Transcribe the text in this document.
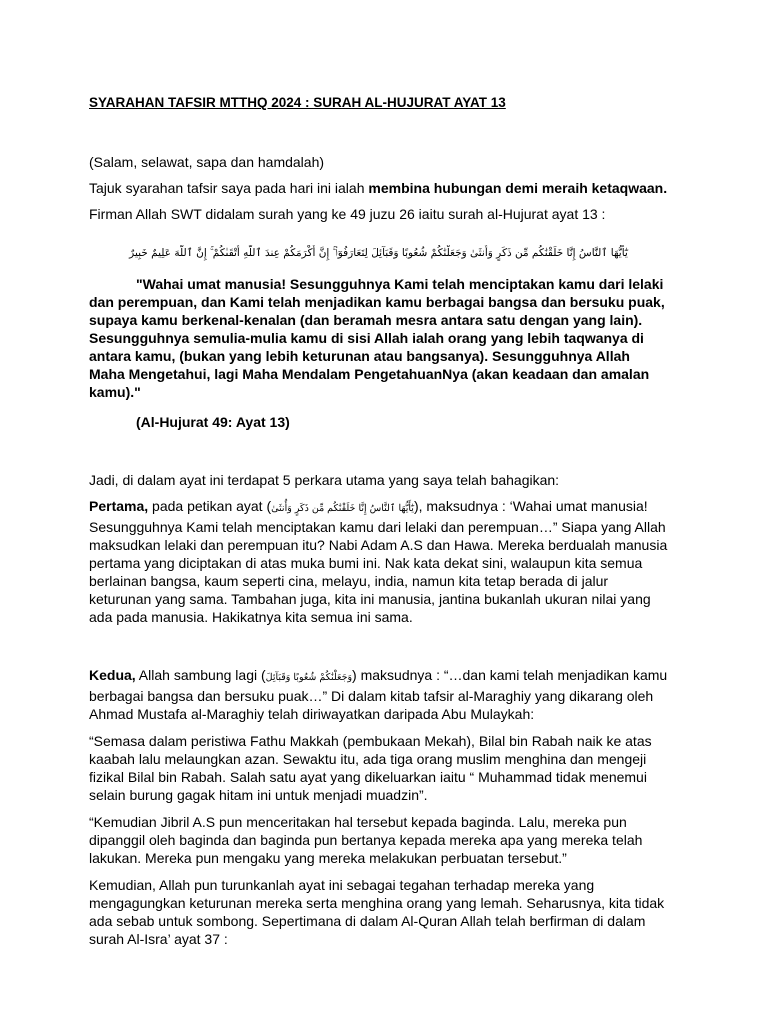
SYARAHAN TAFSIR MTTHQ 2024 : SURAH AL-HUJURAT AYAT 13

(Salam, selawat, sapa dan hamdalah)

Tajuk syarahan tafsir saya pada hari ini ialah membina hubungan demi meraih ketaqwaan.

Firman Allah SWT didalam surah yang ke 49 juzu 26 iaitu surah al-Hujurat ayat 13 :

يَٰٓأَيُّهَا ٱلنَّاسُ إِنَّا خَلَقْنَٰكُم مِّن ذَكَرٍ وَأُنثَىٰ وَجَعَلْنَٰكُمْ شُعُوبًا وَقَبَآئِلَ لِتَعَارَفُوٓا۟ ۚ إِنَّ أَكْرَمَكُمْ عِندَ ٱللَّهِ أَتْقَىٰكُمْ ۚ إِنَّ ٱللَّهَ عَلِيمٌ خَبِيرٌ

"Wahai umat manusia! Sesungguhnya Kami telah menciptakan kamu dari lelaki dan perempuan, dan Kami telah menjadikan kamu berbagai bangsa dan bersuku puak, supaya kamu berkenal-kenalan (dan beramah mesra antara satu dengan yang lain). Sesungguhnya semulia-mulia kamu di sisi Allah ialah orang yang lebih taqwanya di antara kamu, (bukan yang lebih keturunan atau bangsanya). Sesungguhnya Allah Maha Mengetahui, lagi Maha Mendalam PengetahuanNya (akan keadaan dan amalan kamu)."

(Al-Hujurat 49: Ayat 13)

Jadi, di dalam ayat ini terdapat 5 perkara utama yang saya telah bahagikan:

Pertama, pada petikan ayat (يَٰٓأَيُّهَا ٱلنَّاسُ إِنَّا خَلَقْنَٰكُم مِّن ذَكَرٍ وَأُنثَىٰ), maksudnya : ‘Wahai umat manusia! Sesungguhnya Kami telah menciptakan kamu dari lelaki dan perempuan…” Siapa yang Allah maksudkan lelaki dan perempuan itu? Nabi Adam A.S dan Hawa. Mereka berdualah manusia pertama yang diciptakan di atas muka bumi ini. Nak kata dekat sini, walaupun kita semua berlainan bangsa, kaum seperti cina, melayu, india, namun kita tetap berada di jalur keturunan yang sama. Tambahan juga, kita ini manusia, jantina bukanlah ukuran nilai yang ada pada manusia. Hakikatnya kita semua ini sama.

Kedua, Allah sambung lagi (وَجَعَلْنَٰكُمْ شُعُوبًا وَقَبَآئِلَ) maksudnya : “…dan kami telah menjadikan kamu berbagai bangsa dan bersuku puak…” Di dalam kitab tafsir al-Maraghiy yang dikarang oleh Ahmad Mustafa al-Maraghiy telah diriwayatkan daripada Abu Mulaykah:

“Semasa dalam peristiwa Fathu Makkah (pembukaan Mekah), Bilal bin Rabah naik ke atas kaabah lalu melaungkan azan. Sewaktu itu, ada tiga orang muslim menghina dan mengeji fizikal Bilal bin Rabah. Salah satu ayat yang dikeluarkan iaitu “ Muhammad tidak menemui selain burung gagak hitam ini untuk menjadi muadzin”.

“Kemudian Jibril A.S pun menceritakan hal tersebut kepada baginda. Lalu, mereka pun dipanggil oleh baginda dan baginda pun bertanya kepada mereka apa yang mereka telah lakukan. Mereka pun mengaku yang mereka melakukan perbuatan tersebut.”

Kemudian, Allah pun turunkanlah ayat ini sebagai tegahan terhadap mereka yang mengagungkan keturunan mereka serta menghina orang yang lemah. Seharusnya, kita tidak ada sebab untuk sombong. Sepertimana di dalam Al-Quran Allah telah berfirman di dalam surah Al-Isra’ ayat 37 :
